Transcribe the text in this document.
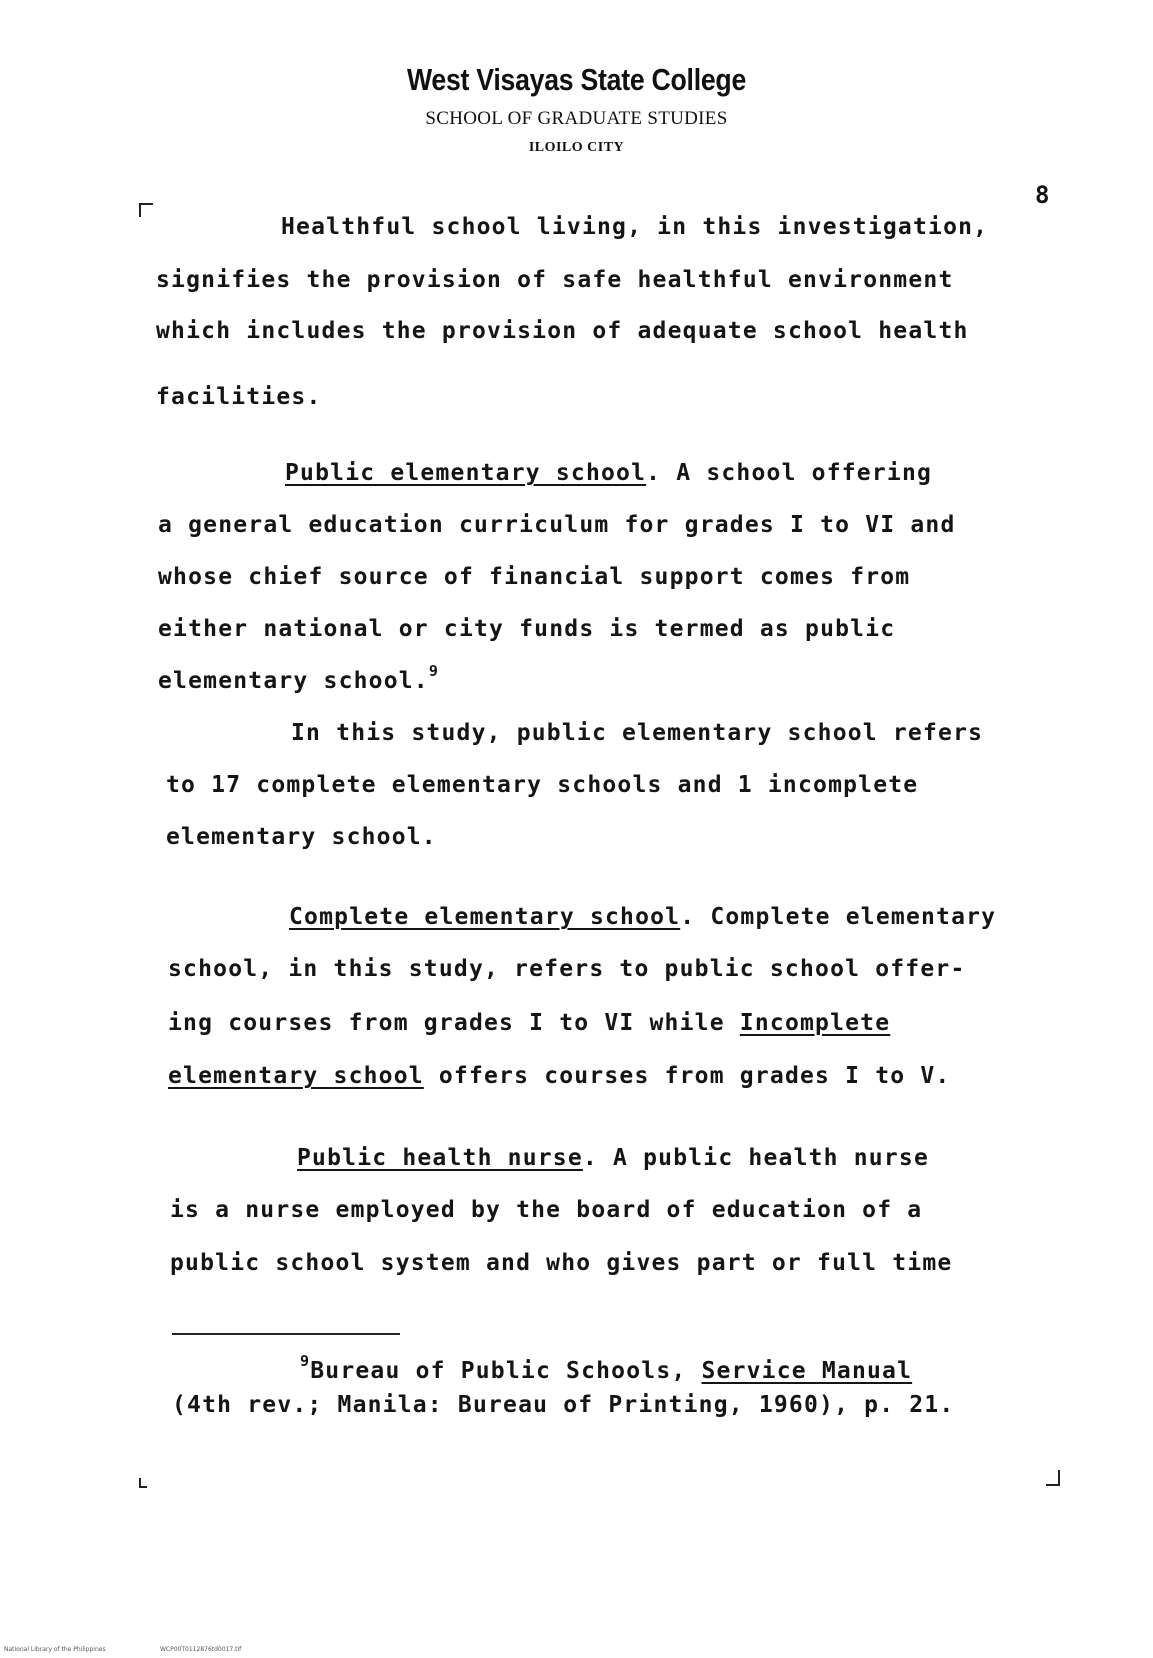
West Visayas State College
SCHOOL OF GRADUATE STUDIES
ILOILO CITY
8
Healthful school living, in this investigation,
signifies the provision of safe healthful environment
which includes the provision of adequate school health
facilities.
Public elementary school. A school offering
a general education curriculum for grades I to VI and
whose chief source of financial support comes from
either national or city funds is termed as public
elementary school.$^9$
In this study, public elementary school refers
to 17 complete elementary schools and 1 incomplete
elementary school.
Complete elementary school. Complete elementary
school, in this study, refers to public school offer-
ing courses from grades I to VI while Incomplete
elementary school offers courses from grades I to V.
Public health nurse. A public health nurse
is a nurse employed by the board of education of a
public school system and who gives part or full time
$^9$Bureau of Public Schools, Service Manual
(4th rev.; Manila: Bureau of Printing, 1960), p. 21.
National Library of the Philippines	WCP00T0112876td0017.tif
